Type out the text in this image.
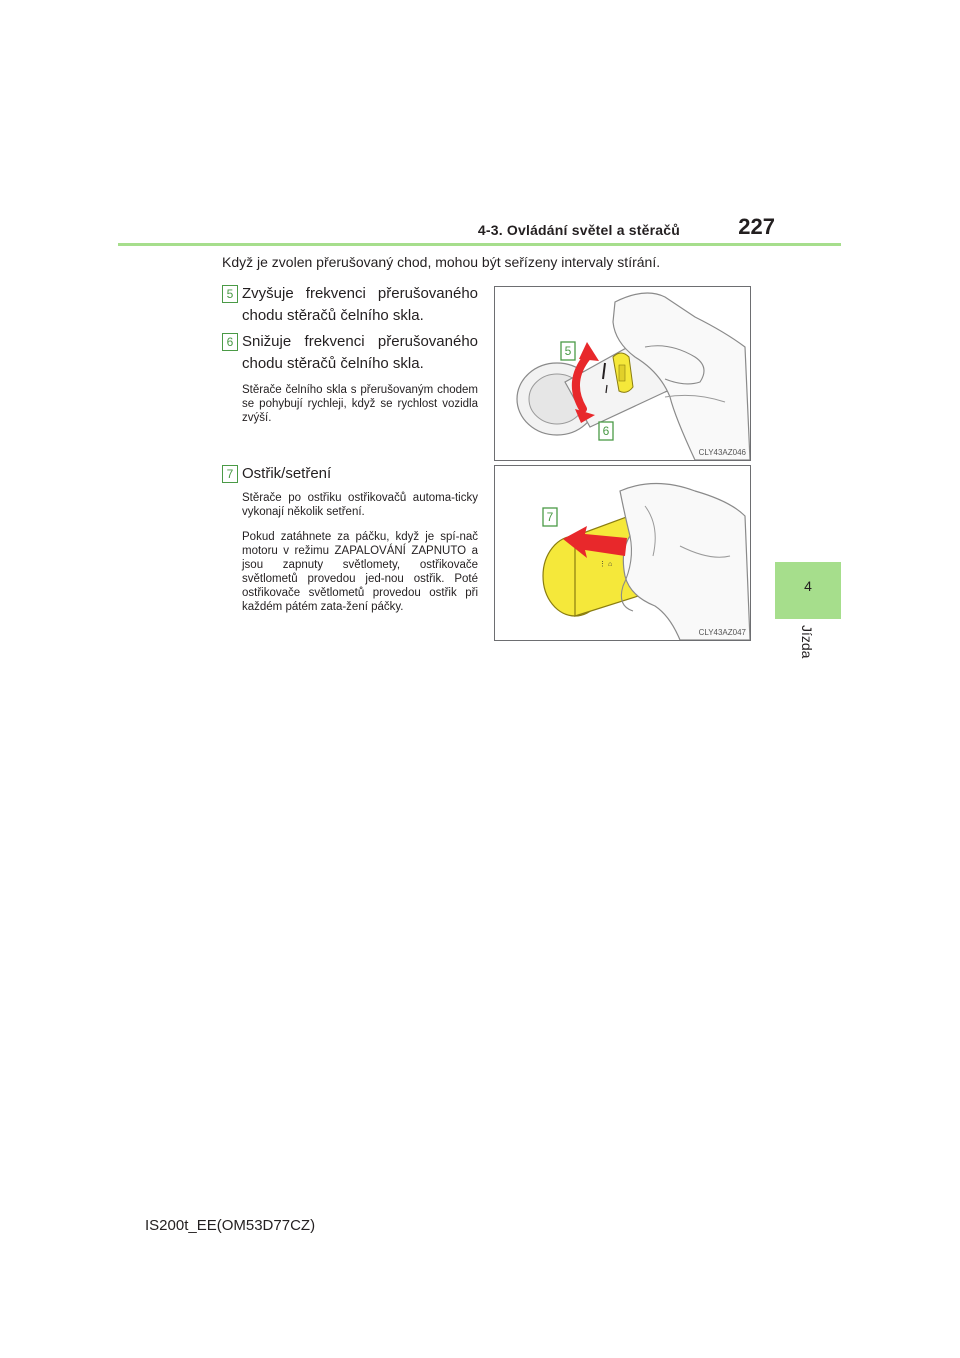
4-3. Ovládání světel a stěračů	227
4
Jízda
Když je zvolen přerušovaný chod, mohou být seřízeny intervaly stírání.
5 Zvyšuje frekvenci přerušovaného chodu stěračů čelního skla.
6 Snižuje frekvenci přerušovaného chodu stěračů čelního skla.
Stěrače čelního skla s přerušovaným chodem se pohybují rychleji, když se rychlost vozidla zvýší.
7 Ostřik/setření
Stěrače po ostřiku ostřikovačů automa-ticky vykonají několik setření.
Pokud zatáhnete za páčku, když je spí-nač motoru v režimu ZAPALOVÁNÍ ZAPNUTO a jsou zapnuty světlomety, ostřikovače světlometů provedou jed-nou ostřik. Poté ostřikovače světlometů provedou ostřik při každém pátém zata-žení páčky.
5
6
CLY43AZ046
⋮ ⌂
7
CLY43AZ047
IS200t_EE(OM53D77CZ)
